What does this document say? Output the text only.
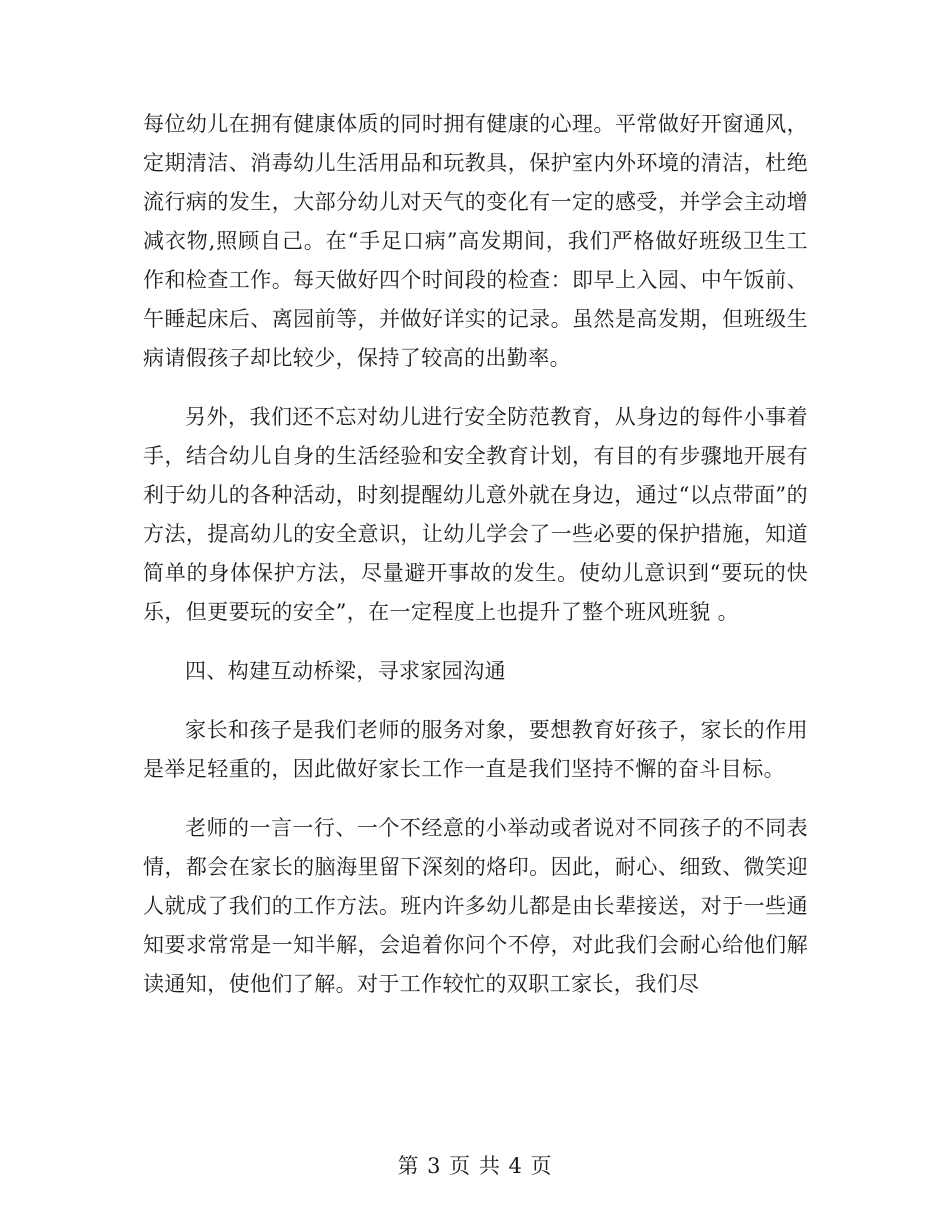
每位幼儿在拥有健康体质的同时拥有健康的心理。平常做好开窗通风，定期清洁、消毒幼儿生活用品和玩教具，保护室内外环境的清洁，杜绝流行病的发生，大部分幼儿对天气的变化有一定的感受，并学会主动增减衣物,照顾自己。在“手足口病”高发期间，我们严格做好班级卫生工作和检查工作。每天做好四个时间段的检查：即早上入园、中午饭前、午睡起床后、离园前等，并做好详实的记录。虽然是高发期，但班级生病请假孩子却比较少，保持了较高的出勤率。

另外，我们还不忘对幼儿进行安全防范教育，从身边的每件小事着手，结合幼儿自身的生活经验和安全教育计划，有目的有步骤地开展有利于幼儿的各种活动，时刻提醒幼儿意外就在身边，通过“以点带面”的方法，提高幼儿的安全意识，让幼儿学会了一些必要的保护措施，知道简单的身体保护方法，尽量避开事故的发生。使幼儿意识到“要玩的快乐，但更要玩的安全”，在一定程度上也提升了整个班风班貌 。

四、构建互动桥梁，寻求家园沟通

家长和孩子是我们老师的服务对象，要想教育好孩子，家长的作用是举足轻重的，因此做好家长工作一直是我们坚持不懈的奋斗目标。

老师的一言一行、一个不经意的小举动或者说对不同孩子的不同表情，都会在家长的脑海里留下深刻的烙印。因此，耐心、细致、微笑迎人就成了我们的工作方法。班内许多幼儿都是由长辈接送，对于一些通知要求常常是一知半解，会追着你问个不停，对此我们会耐心给他们解读通知，使他们了解。对于工作较忙的双职工家长，我们尽

第 3 页 共 4 页
